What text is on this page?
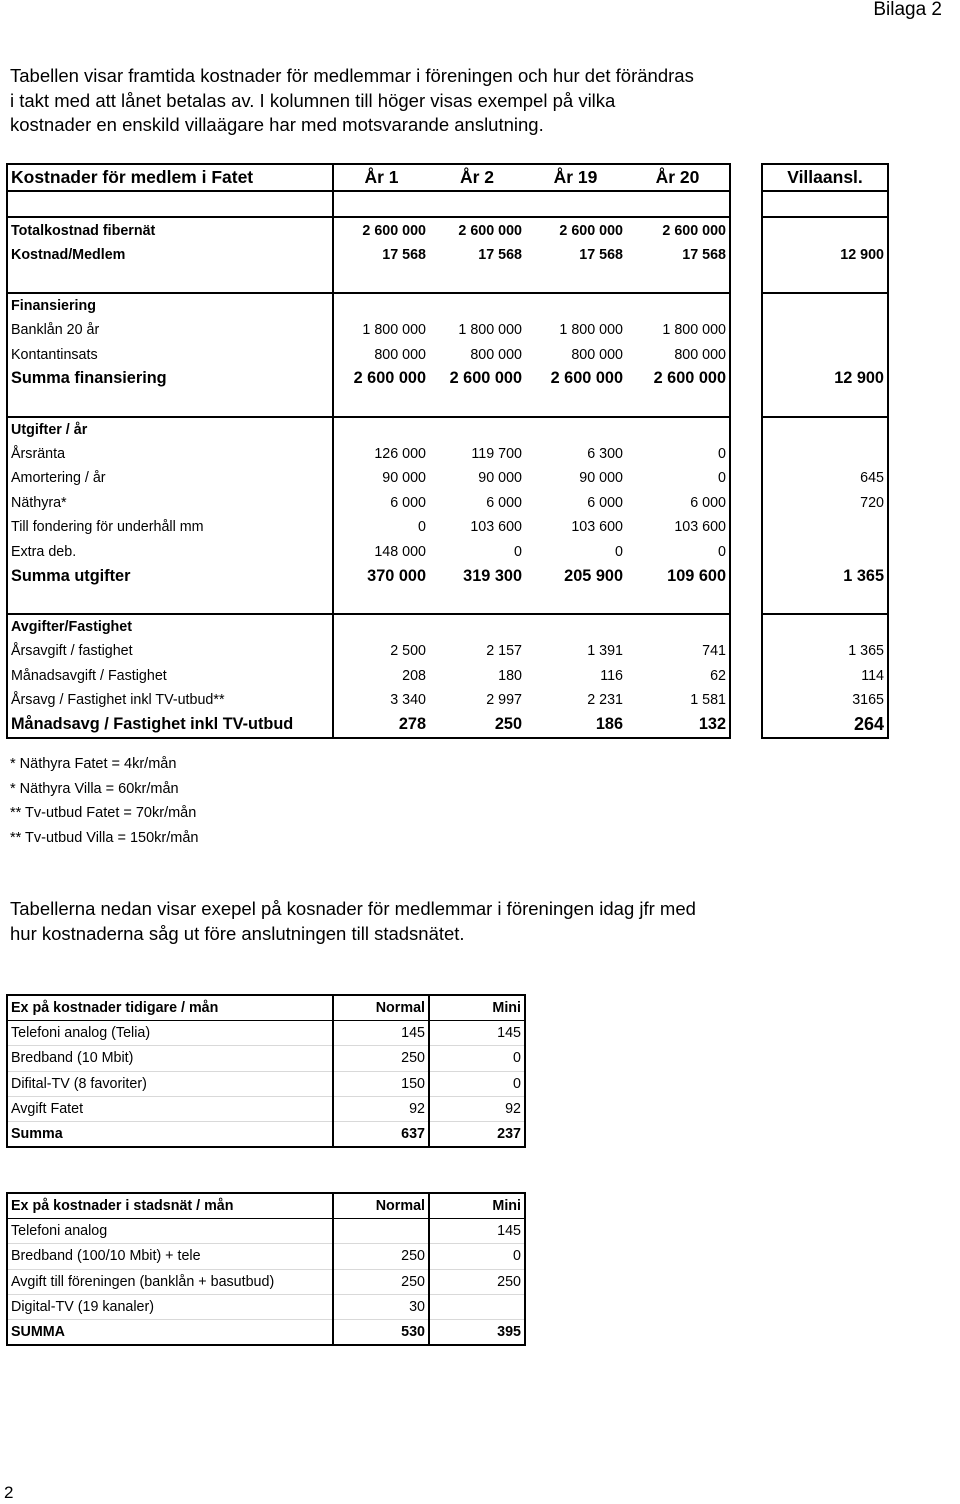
Bilaga 2

Tabellen visar framtida kostnader för medlemmar i föreningen och hur det förändras
i takt med att lånet betalas av. I kolumnen till höger visas exempel på vilka
kostnader en enskild villaägare har med motsvarande anslutning.

Kostnader för medlem i Fatet	År 1	År 2	År 19	År 20		Villaansl.

Totalkostnad fibernät	2 600 000	2 600 000	2 600 000	2 600 000		
Kostnad/Medlem	17 568	17 568	17 568	17 568		12 900

Finansiering						
Banklån 20 år	1 800 000	1 800 000	1 800 000	1 800 000		
Kontantinsats	800 000	800 000	800 000	800 000		
Summa finansiering	2 600 000	2 600 000	2 600 000	2 600 000		12 900

Utgifter / år						
Årsränta	126 000	119 700	6 300	0		
Amortering / år	90 000	90 000	90 000	0		645
Näthyra*	6 000	6 000	6 000	6 000		720
Till fondering för underhåll mm	0	103 600	103 600	103 600		
Extra deb.	148 000	0	0	0		
Summa utgifter	370 000	319 300	205 900	109 600		1 365

Avgifter/Fastighet						
Årsavgift / fastighet	2 500	2 157	1 391	741		1 365
Månadsavgift / Fastighet	208	180	116	62		114
Årsavg / Fastighet inkl TV-utbud**	3 340	2 997	2 231	1 581		3165
Månadsavg / Fastighet inkl TV-utbud	278	250	186	132		264

* Näthyra Fatet = 4kr/mån
* Näthyra Villa = 60kr/mån
** Tv-utbud Fatet = 70kr/mån
** Tv-utbud Villa = 150kr/mån

Tabellerna nedan visar exepel på kosnader för medlemmar i föreningen idag jfr med
hur kostnaderna såg ut före anslutningen till stadsnätet.

Ex på kostnader tidigare / mån	Normal	Mini
Telefoni analog (Telia)	145	145
Bredband (10 Mbit)	250	0
Difital-TV (8 favoriter)	150	0
Avgift Fatet	92	92
Summa	637	237
Ex på kostnader i stadsnät / mån	Normal	Mini
Telefoni analog		145
Bredband (100/10 Mbit) + tele	250	0
Avgift till föreningen (banklån + basutbud)	250	250
Digital-TV (19 kanaler)	30	
SUMMA	530	395
2
